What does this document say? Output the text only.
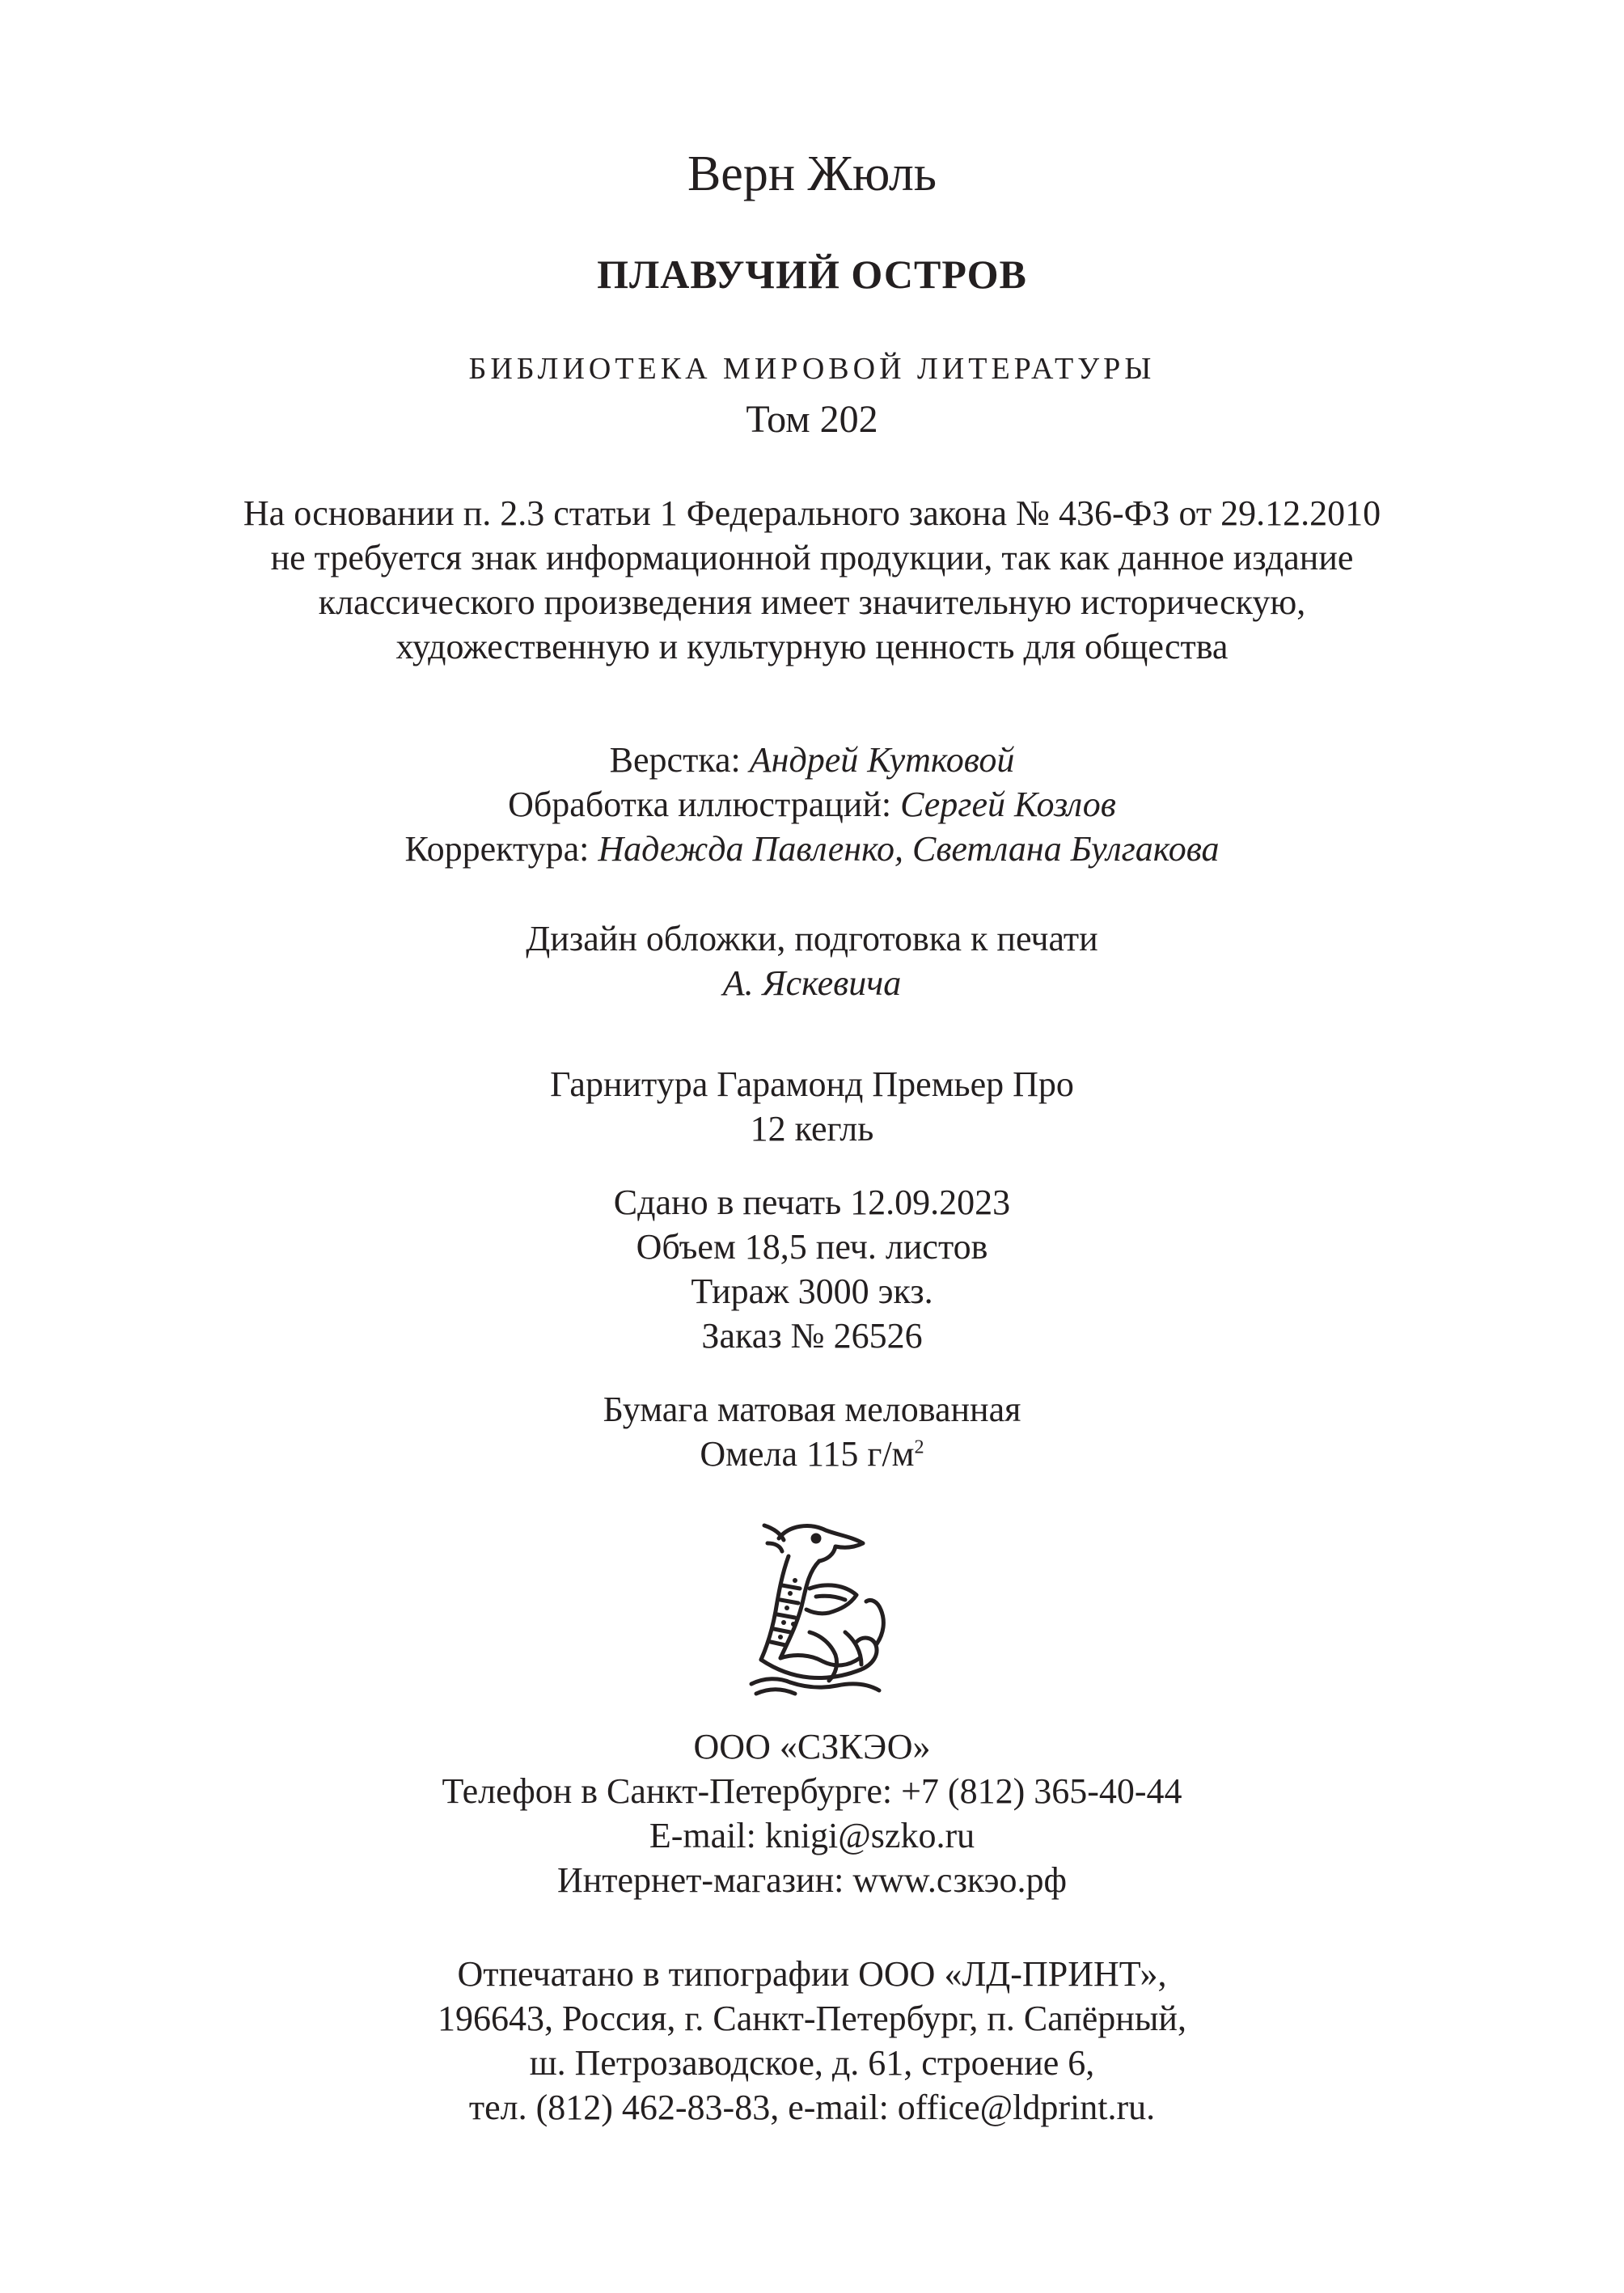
Верн Жюль
ПЛАВУЧИЙ ОСТРОВ
БИБЛИОТЕКА МИРОВОЙ ЛИТЕРАТУРЫ
Том 202
На основании п. 2.3 статьи 1 Федерального закона № 436-ФЗ от 29.12.2010
не требуется знак информационной продукции, так как данное издание
классического произведения имеет значительную историческую,
художественную и культурную ценность для общества
Верстка: Андрей Кутковой
Обработка иллюстраций: Сергей Козлов
Корректура: Надежда Павленко, Светлана Булгакова
Дизайн обложки, подготовка к печати
А. Яскевича
Гарнитура Гарамонд Премьер Про
12 кегль
Сдано в печать 12.09.2023
Объем 18,5 печ. листов
Тираж 3000 экз.
Заказ № 26526
Бумага матовая мелованная
Омела 115 $г/м^2$
ООО «СЗКЭО»
Телефон в Санкт-Петербурге: +7 (812) 365-40-44
E-mail: knigi@szko.ru
Интернет-магазин: www.сзкэо.рф
Отпечатано в типографии ООО «ЛД-ПРИНТ»,
196643, Россия, г. Санкт-Петербург, п. Сапёрный,
ш. Петрозаводское, д. 61, строение 6,
тел. (812) 462-83-83, e-mail: office@ldprint.ru.
